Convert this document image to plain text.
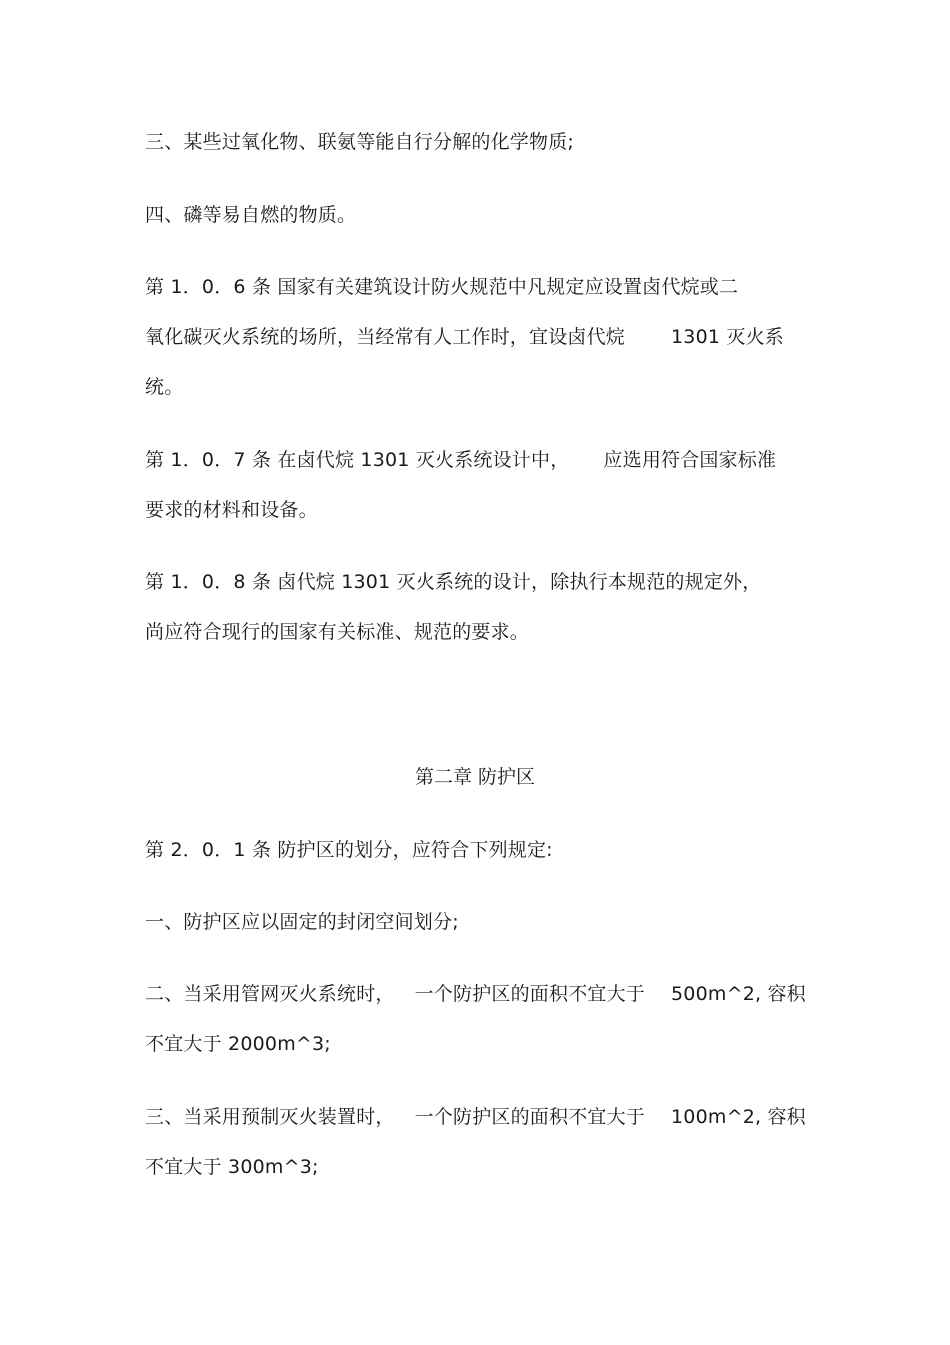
三、某些过氧化物、联氨等能自行分解的化学物质;
四、磷等易自燃的物质。
第 1．0．6 条 国家有关建筑设计防火规范中凡规定应设置卤代烷或二
氧化碳灭火系统的场所，当经常有人工作时，宜设卤代烷 1301 灭火系
统。
第 1．0．7 条 在卤代烷 1301 灭火系统设计中， 应选用符合国家标准
要求的材料和设备。
第 1．0．8 条 卤代烷 1301 灭火系统的设计，除执行本规范的规定外，
尚应符合现行的国家有关标准、规范的要求。
第二章 防护区
第 2．0．1 条 防护区的划分，应符合下列规定:
一、防护区应以固定的封闭空间划分;
二、当采用管网灭火系统时， 一个防护区的面积不宜大于 500m^2, 容积
不宜大于 2000m^3;
三、当采用预制灭火装置时， 一个防护区的面积不宜大于 100m^2, 容积
不宜大于 300m^3;
